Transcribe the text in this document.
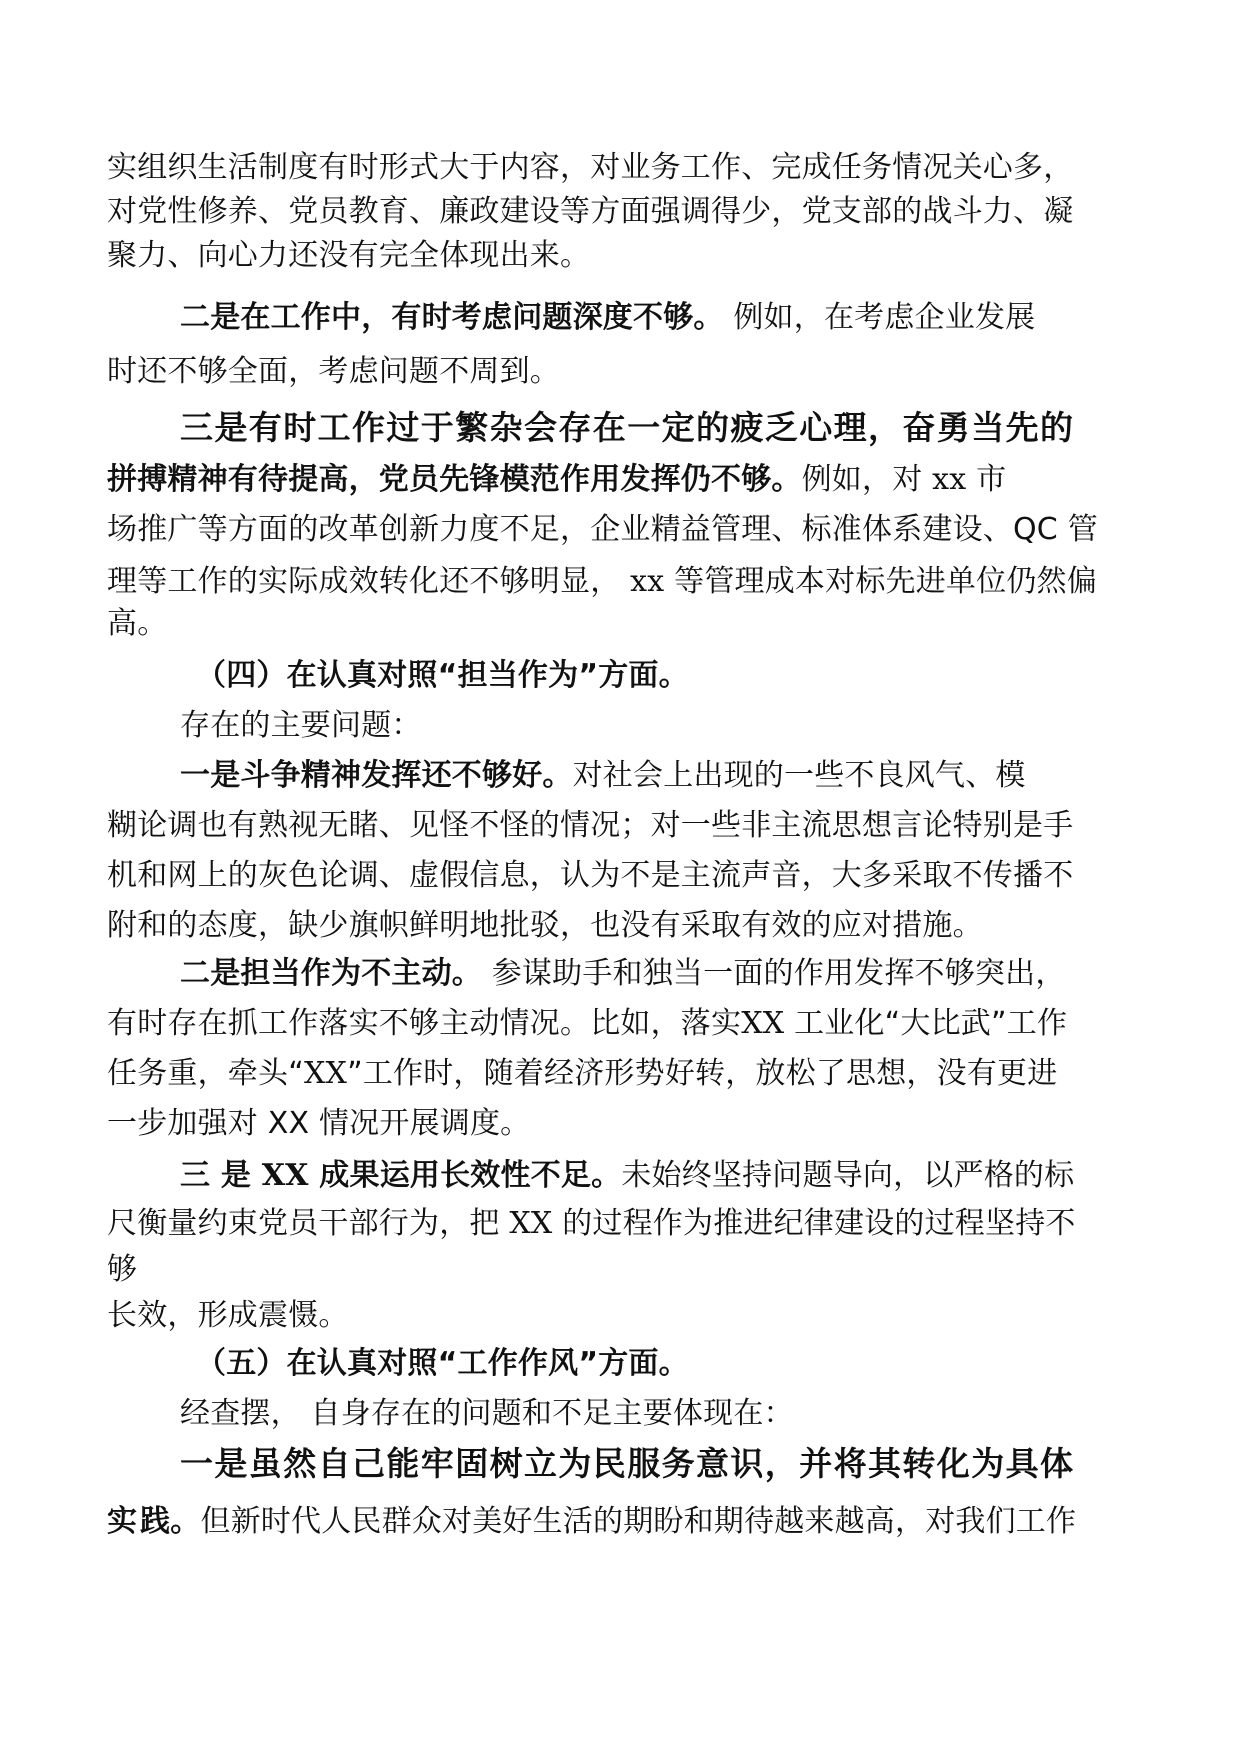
实组织生活制度有时形式大于内容，对业务工作、完成任务情况关心多，
对党性修养、党员教育、廉政建设等方面强调得少，党支部的战斗力、凝
聚力、向心力还没有完全体现出来。
二是在工作中，有时考虑问题深度不够。 例如，在考虑企业发展
时还不够全面，考虑问题不周到。
三是有时工作过于繁杂会存在一定的疲乏心理，奋勇当先的
拼搏精神有待提高，党员先锋模范作用发挥仍不够。例如，对 xx 市
场推广等方面的改革创新力度不足，企业精益管理、标准体系建设、QC 管
理等工作的实际成效转化还不够明显， xx 等管理成本对标先进单位仍然偏
高。
（四）在认真对照“担当作为”方面。
存在的主要问题：
一是斗争精神发挥还不够好。对社会上出现的一些不良风气、模
糊论调也有熟视无睹、见怪不怪的情况；对一些非主流思想言论特别是手
机和网上的灰色论调、虚假信息，认为不是主流声音，大多采取不传播不
附和的态度，缺少旗帜鲜明地批驳，也没有采取有效的应对措施。
二是担当作为不主动。 参谋助手和独当一面的作用发挥不够突出，
有时存在抓工作落实不够主动情况。比如，落实XX 工业化“大比武”工作
任务重，牵头“XX”工作时，随着经济形势好转，放松了思想，没有更进
一步加强对 XX 情况开展调度。
三 是 XX 成果运用长效性不足。未始终坚持问题导向，以严格的标
尺衡量约束党员干部行为，把 XX 的过程作为推进纪律建设的过程坚持不
够
长效，形成震慑。
（五）在认真对照“工作作风”方面。
经查摆， 自身存在的问题和不足主要体现在：
一是虽然自己能牢固树立为民服务意识，并将其转化为具体
实践。但新时代人民群众对美好生活的期盼和期待越来越高，对我们工作
